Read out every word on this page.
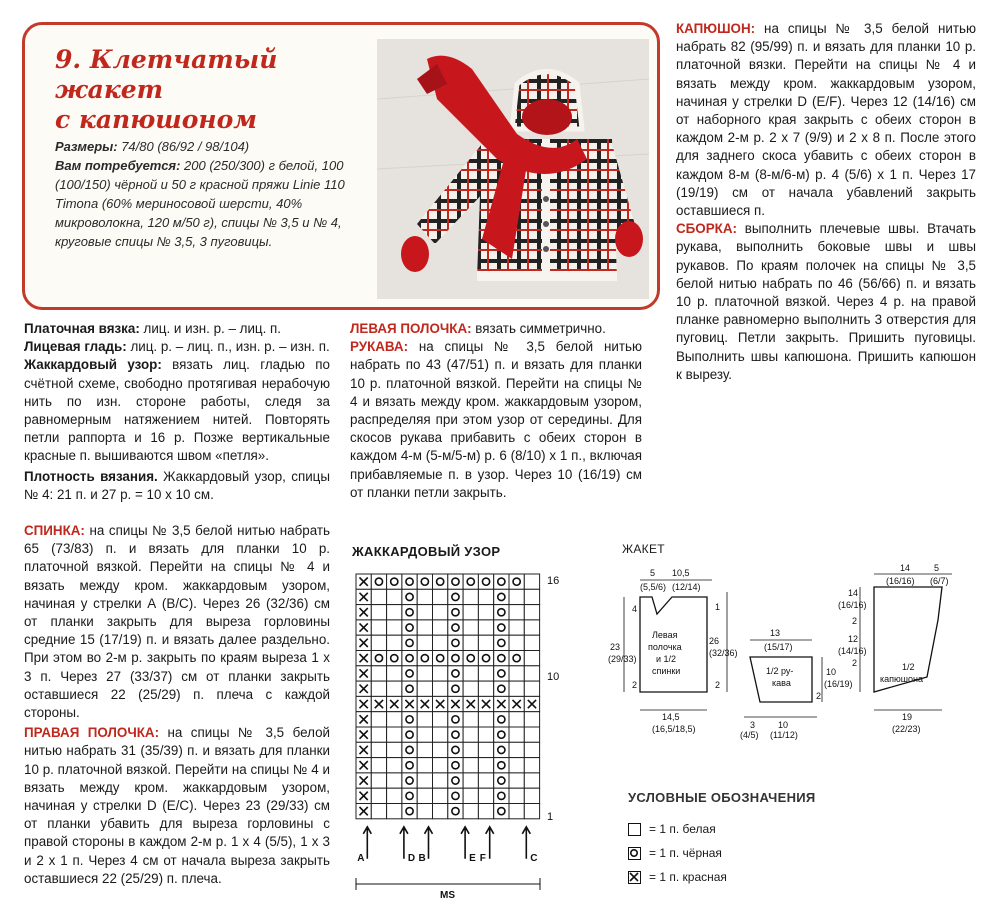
9. Клетчатый жакет
с капюшоном
Размеры: 74/80 (86/92 / 98/104)
Вам потребуется: 200 (250/300) г белой, 100 (100/150) чёрной и 50 г красной пряжи Linie 110 Timona (60% мериносовой шерсти, 40% микроволокна, 120 м/50 г), спицы № 3,5 и № 4, круговые спицы № 3,5, 3 пуговицы.

Платочная вязка: лиц. и изн. р. – лиц. п.

Лицевая гладь: лиц. р. – лиц. п., изн. р. – изн. п.

Жаккардовый узор: вязать лиц. гладью по счётной схеме, свободно протягивая нерабочую нить по изн. стороне работы, следя за равномерным натяжением нитей. Повторять петли раппорта и 16 р. Позже вертикальные красные п. вышиваются швом «петля».

Плотность вязания. Жаккардовый узор, спицы № 4: 21 п. и 27 р. = 10 х 10 см.

СПИНКА: на спицы № 3,5 белой нитью набрать 65 (73/83) п. и вязать для планки 10 р. платочной вязкой. Перейти на спицы № 4 и вязать между кром. жаккардовым узором, начиная у стрелки А (В/С). Через 26 (32/36) см от планки закрыть для выреза горловины средние 15 (17/19) п. и вязать далее раздельно. При этом во 2-м р. закрыть по краям выреза 1 х 3 п. Через 27 (33/37) см от планки закрыть оставшиеся 22 (25/29) п. плеча с каждой стороны.

ПРАВАЯ ПОЛОЧКА: на спицы № 3,5 белой нитью набрать 31 (35/39) п. и вязать для планки 10 р. платочной вязкой. Перейти на спицы № 4 и вязать между кром. жаккардовым узором, начиная у стрелки D (E/C). Через 23 (29/33) см от планки убавить для выреза горловины с правой стороны в каждом 2-м р. 1 х 4 (5/5), 1 х 3 и 2 х 1 п. Через 4 см от начала выреза закрыть оставшиеся 22 (25/29) п. плеча.

ЛЕВАЯ ПОЛОЧКА: вязать симметрично.

РУКАВА: на спицы № 3,5 белой нитью набрать по 43 (47/51) п. и вязать для планки 10 р. платочной вязкой. Перейти на спицы № 4 и вязать между кром. жаккардовым узором, распределяя при этом узор от середины. Для скосов рукава прибавить с обеих сторон в каждом 4-м (5-м/5-м) р. 6 (8/10) х 1 п., включая прибавляемые п. в узор. Через 10 (16/19) см от планки петли закрыть.

КАПЮШОН: на спицы № 3,5 белой нитью набрать 82 (95/99) п. и вязать для планки 10 р. платочной вязки. Перейти на спицы № 4 и вязать между кром. жаккардовым узором, начиная у стрелки D (E/F). Через 12 (14/16) см от наборного края закрыть с обеих сторон в каждом 2-м р. 2 х 7 (9/9) и 2 х 8 п. После этого для заднего скоса убавить с обеих сторон в каждом 8-м (8-м/6-м) р. 4 (5/6) х 1 п. Через 17 (19/19) см от начала убавлений закрыть оставшиеся п.

СБОРКА: выполнить плечевые швы. Втачать рукава, выполнить боковые швы и швы рукавов. По краям полочек на спицы № 3,5 белой нитью набрать по 46 (56/66) п. и вязать 10 р. платочной вязкой. Через 4 р. на правой планке равномерно выполнить 3 отверстия для пуговиц. Петли закрыть. Пришить пуговицы. Выполнить швы капюшона. Пришить капюшон к вырезу.

ЖАККАРДОВЫЙ УЗОР
A	D B	E F	C
16
10
1
MS
ЖАКЕТ
5 10,5
(5,5/6) (12/14)
23
(29/33)
26
(32/36)
4
2
1
2
14,5
(16,5/18,5)
Левая
полочка
и 1/2
спинки
13
(15/17)
10
(16/19)
2
3
(4/5)
10
(11/12)
1/2 ру-
кава
14
(16/16)
5
(6/7)
14
(16/16)
12
(14/16)
2
2
19
(22/23)
1/2
капюшона
УСЛОВНЫЕ ОБОЗНАЧЕНИЯ
= 1 п. белая
= 1 п. чёрная
= 1 п. красная
